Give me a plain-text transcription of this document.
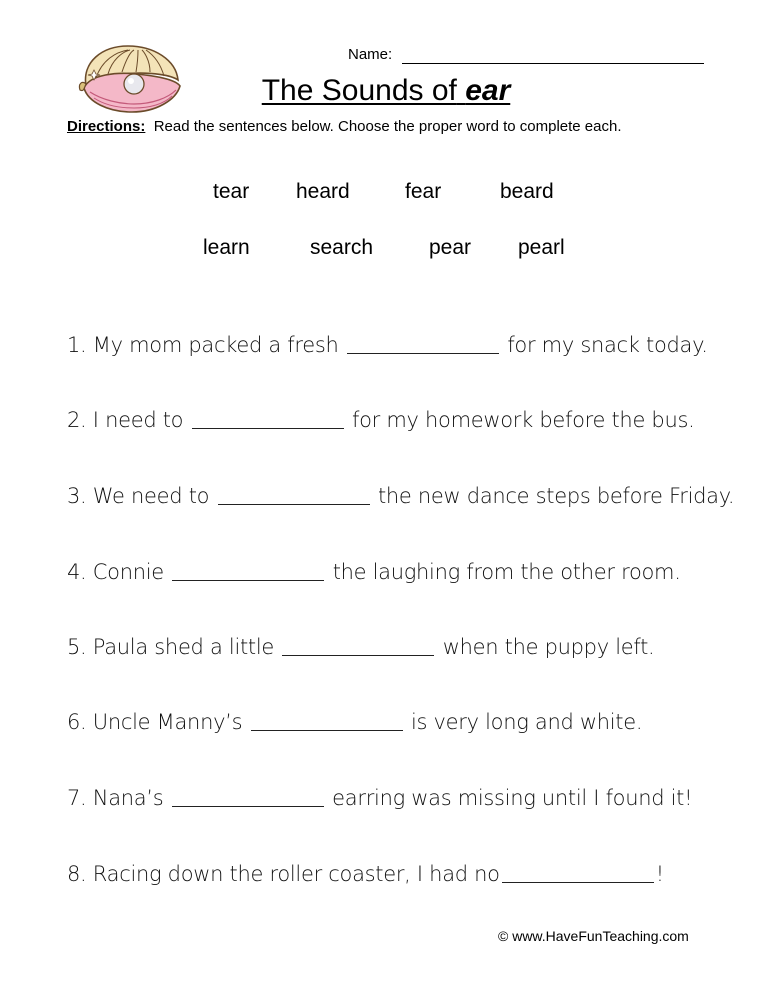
Name:
The Sounds of ear
Directions: Read the sentences below. Choose the proper word to complete each.
tear heard	fear	beard
learn	search	pear pearl
1. My mom packed a fresh	for my snack today.
2. I need to	for my homework before the bus.
3. We need to	the new dance steps before Friday.
4. Connie	the laughing from the other room.
5. Paula shed a little	when the puppy left.
6. Uncle Manny’s	is very long and white.
7. Nana’s	earring was missing until I found it!
8. Racing down the roller coaster, I had no	!
© www.HaveFunTeaching.com
